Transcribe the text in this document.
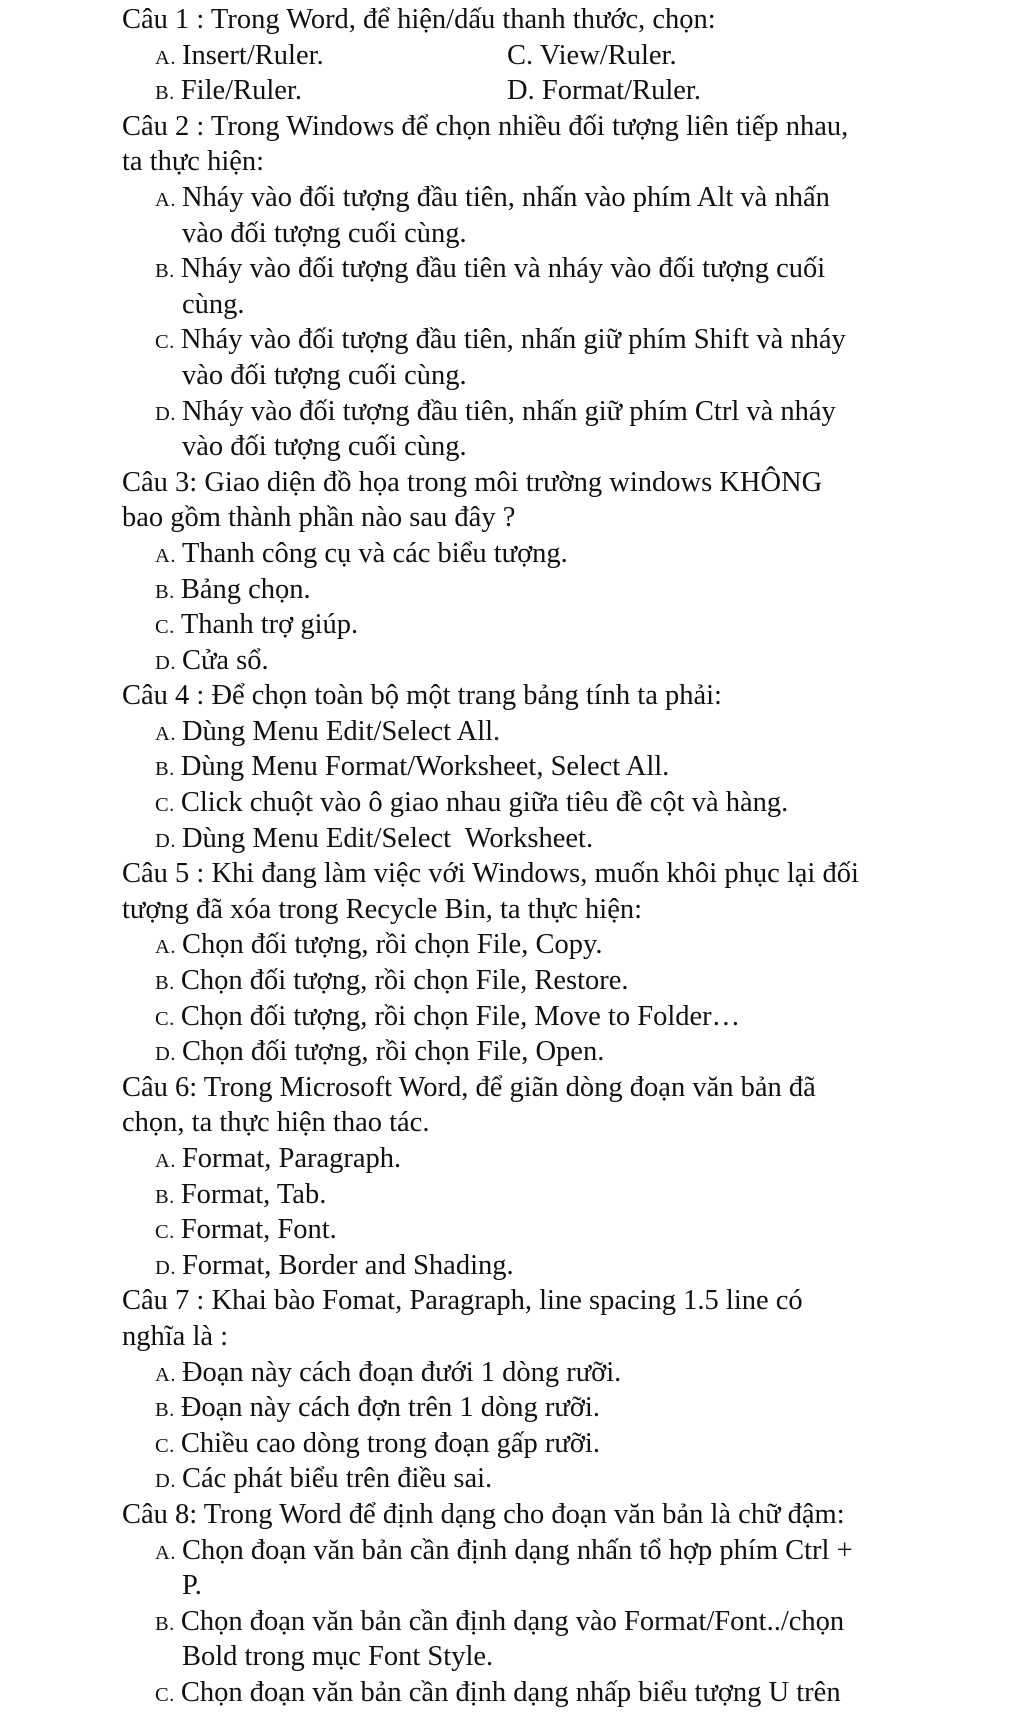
Câu 1 : Trong Word, để hiện/dấu thanh thước, chọn:
A. Insert/Ruler.	C. View/Ruler.
B. File/Ruler.	D. Format/Ruler.
Câu 2 : Trong Windows để chọn nhiều đối tượng liên tiếp nhau,
ta thực hiện:
A. Nháy vào đối tượng đầu tiên, nhấn vào phím Alt và nhấn
vào đối tượng cuối cùng.
B. Nháy vào đối tượng đầu tiên và nháy vào đối tượng cuối
cùng.
C. Nháy vào đối tượng đầu tiên, nhấn giữ phím Shift và nháy
vào đối tượng cuối cùng.
D. Nháy vào đối tượng đầu tiên, nhấn giữ phím Ctrl và nháy
vào đối tượng cuối cùng.
Câu 3: Giao diện đồ họa trong môi trường windows KHÔNG
bao gồm thành phần nào sau đây ?
A. Thanh công cụ và các biểu tượng.
B. Bảng chọn.
C. Thanh trợ giúp.
D. Cửa sổ.
Câu 4 : Để chọn toàn bộ một trang bảng tính ta phải:
A. Dùng Menu Edit/Select All.
B. Dùng Menu Format/Worksheet, Select All.
C. Click chuột vào ô giao nhau giữa tiêu đề cột và hàng.
D. Dùng Menu Edit/Select  Worksheet.
Câu 5 : Khi đang làm việc với Windows, muốn khôi phục lại đối
tượng đã xóa trong Recycle Bin, ta thực hiện:
A. Chọn đối tượng, rồi chọn File, Copy.
B. Chọn đối tượng, rồi chọn File, Restore.
C. Chọn đối tượng, rồi chọn File, Move to Folder…
D. Chọn đối tượng, rồi chọn File, Open.
Câu 6: Trong Microsoft Word, để giãn dòng đoạn văn bản đã
chọn, ta thực hiện thao tác.
A. Format, Paragraph.
B. Format, Tab.
C. Format, Font.
D. Format, Border and Shading.
Câu 7 : Khai bào Fomat, Paragraph, line spacing 1.5 line có
nghĩa là :
A. Đoạn này cách đoạn đưới 1 dòng rưỡi.
B. Đoạn này cách đợn trên 1 dòng rưỡi.
C. Chiều cao dòng trong đoạn gấp rưỡi.
D. Các phát biểu trên điều sai.
Câu 8: Trong Word để định dạng cho đoạn văn bản là chữ đậm:
A. Chọn đoạn văn bản cần định dạng nhấn tổ hợp phím Ctrl +
P.
B. Chọn đoạn văn bản cần định dạng vào Format/Font../chọn
Bold trong mục Font Style.
C. Chọn đoạn văn bản cần định dạng nhấp biểu tượng U trên
